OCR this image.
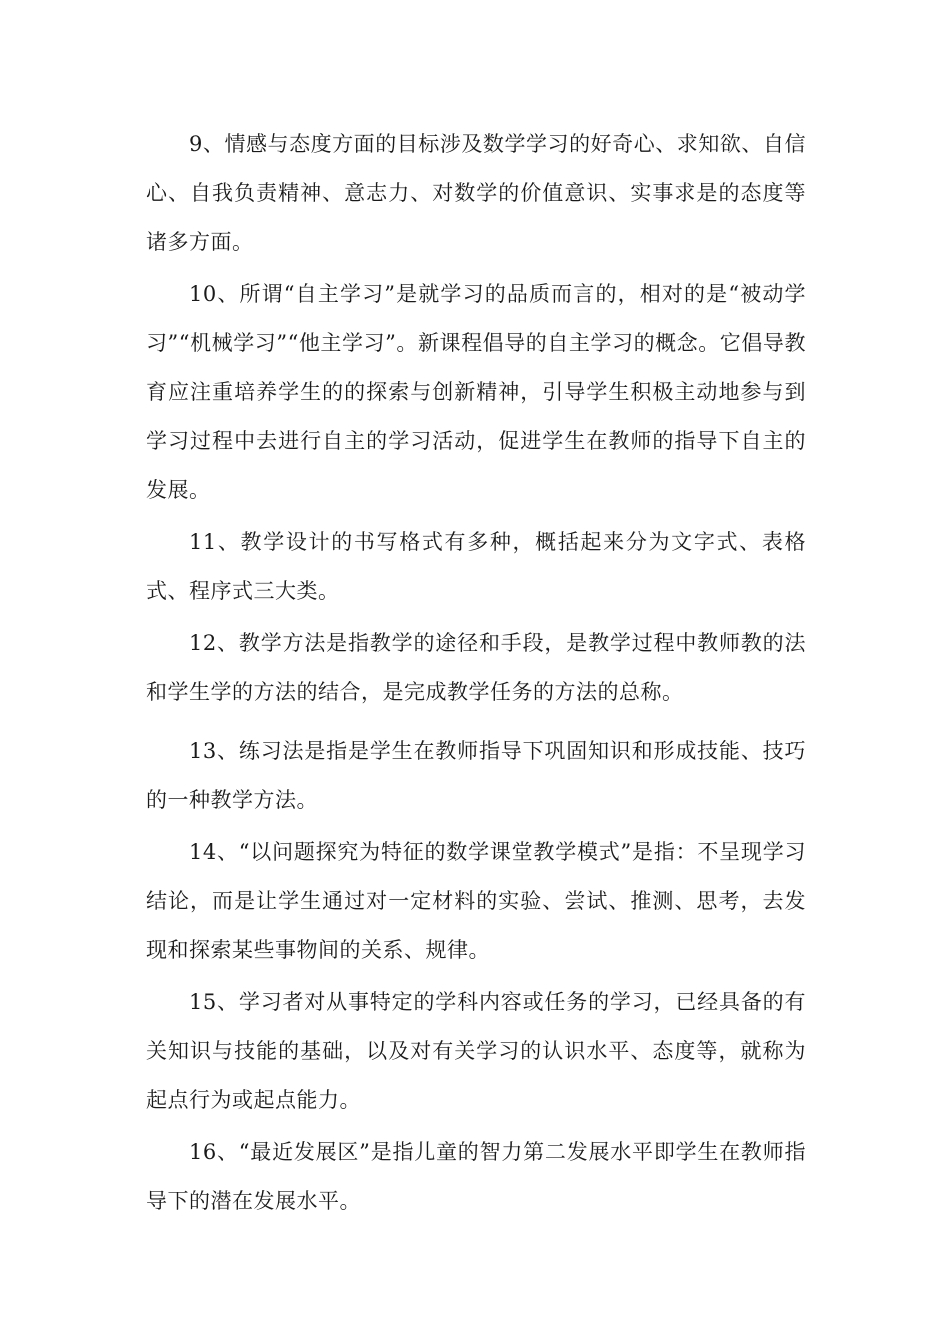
9、情感与态度方面的目标涉及数学学习的好奇心、求知欲、自信心、自我负责精神、意志力、对数学的价值意识、实事求是的态度等诸多方面。

10、所谓“自主学习”是就学习的品质而言的，相对的是“被动学习”“机械学习”“他主学习”。新课程倡导的自主学习的概念。它倡导教育应注重培养学生的的探索与创新精神，引导学生积极主动地参与到学习过程中去进行自主的学习活动，促进学生在教师的指导下自主的发展。

11、教学设计的书写格式有多种，概括起来分为文字式、表格式、程序式三大类。

12、教学方法是指教学的途径和手段，是教学过程中教师教的法和学生学的方法的结合，是完成教学任务的方法的总称。

13、练习法是指是学生在教师指导下巩固知识和形成技能、技巧的一种教学方法。

14、“以问题探究为特征的数学课堂教学模式”是指：不呈现学习结论，而是让学生通过对一定材料的实验、尝试、推测、思考，去发现和探索某些事物间的关系、规律。

15、学习者对从事特定的学科内容或任务的学习，已经具备的有关知识与技能的基础，以及对有关学习的认识水平、态度等，就称为起点行为或起点能力。

16、“最近发展区”是指儿童的智力第二发展水平即学生在教师指导下的潜在发展水平。
